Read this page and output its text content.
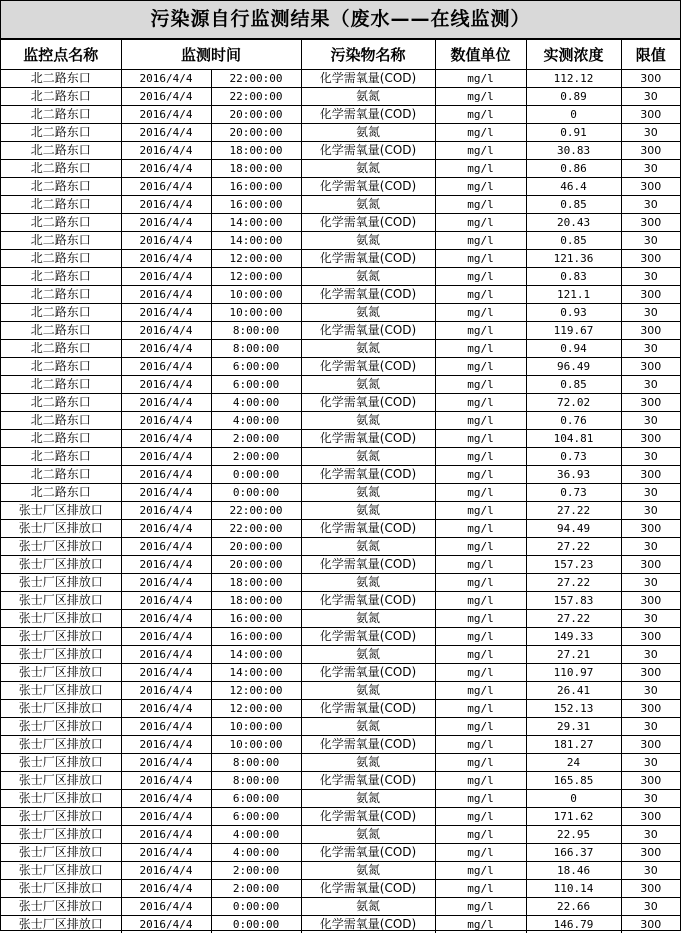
污染源自行监测结果（废水——在线监测）
监控点名称	监测时间		污染物名称	数值单位	实测浓度	限值
北二路东口	2016/4/4	22:00:00	化学需氧量(COD)	mg/l	112.12	300
北二路东口	2016/4/4	22:00:00	氨氮	mg/l	0.89	30
北二路东口	2016/4/4	20:00:00	化学需氧量(COD)	mg/l	0	300
北二路东口	2016/4/4	20:00:00	氨氮	mg/l	0.91	30
北二路东口	2016/4/4	18:00:00	化学需氧量(COD)	mg/l	30.83	300
北二路东口	2016/4/4	18:00:00	氨氮	mg/l	0.86	30
北二路东口	2016/4/4	16:00:00	化学需氧量(COD)	mg/l	46.4	300
北二路东口	2016/4/4	16:00:00	氨氮	mg/l	0.85	30
北二路东口	2016/4/4	14:00:00	化学需氧量(COD)	mg/l	20.43	300
北二路东口	2016/4/4	14:00:00	氨氮	mg/l	0.85	30
北二路东口	2016/4/4	12:00:00	化学需氧量(COD)	mg/l	121.36	300
北二路东口	2016/4/4	12:00:00	氨氮	mg/l	0.83	30
北二路东口	2016/4/4	10:00:00	化学需氧量(COD)	mg/l	121.1	300
北二路东口	2016/4/4	10:00:00	氨氮	mg/l	0.93	30
北二路东口	2016/4/4	8:00:00	化学需氧量(COD)	mg/l	119.67	300
北二路东口	2016/4/4	8:00:00	氨氮	mg/l	0.94	30
北二路东口	2016/4/4	6:00:00	化学需氧量(COD)	mg/l	96.49	300
北二路东口	2016/4/4	6:00:00	氨氮	mg/l	0.85	30
北二路东口	2016/4/4	4:00:00	化学需氧量(COD)	mg/l	72.02	300
北二路东口	2016/4/4	4:00:00	氨氮	mg/l	0.76	30
北二路东口	2016/4/4	2:00:00	化学需氧量(COD)	mg/l	104.81	300
北二路东口	2016/4/4	2:00:00	氨氮	mg/l	0.73	30
北二路东口	2016/4/4	0:00:00	化学需氧量(COD)	mg/l	36.93	300
北二路东口	2016/4/4	0:00:00	氨氮	mg/l	0.73	30
张士厂区排放口	2016/4/4	22:00:00	氨氮	mg/l	27.22	30
张士厂区排放口	2016/4/4	22:00:00	化学需氧量(COD)	mg/l	94.49	300
张士厂区排放口	2016/4/4	20:00:00	氨氮	mg/l	27.22	30
张士厂区排放口	2016/4/4	20:00:00	化学需氧量(COD)	mg/l	157.23	300
张士厂区排放口	2016/4/4	18:00:00	氨氮	mg/l	27.22	30
张士厂区排放口	2016/4/4	18:00:00	化学需氧量(COD)	mg/l	157.83	300
张士厂区排放口	2016/4/4	16:00:00	氨氮	mg/l	27.22	30
张士厂区排放口	2016/4/4	16:00:00	化学需氧量(COD)	mg/l	149.33	300
张士厂区排放口	2016/4/4	14:00:00	氨氮	mg/l	27.21	30
张士厂区排放口	2016/4/4	14:00:00	化学需氧量(COD)	mg/l	110.97	300
张士厂区排放口	2016/4/4	12:00:00	氨氮	mg/l	26.41	30
张士厂区排放口	2016/4/4	12:00:00	化学需氧量(COD)	mg/l	152.13	300
张士厂区排放口	2016/4/4	10:00:00	氨氮	mg/l	29.31	30
张士厂区排放口	2016/4/4	10:00:00	化学需氧量(COD)	mg/l	181.27	300
张士厂区排放口	2016/4/4	8:00:00	氨氮	mg/l	24	30
张士厂区排放口	2016/4/4	8:00:00	化学需氧量(COD)	mg/l	165.85	300
张士厂区排放口	2016/4/4	6:00:00	氨氮	mg/l	0	30
张士厂区排放口	2016/4/4	6:00:00	化学需氧量(COD)	mg/l	171.62	300
张士厂区排放口	2016/4/4	4:00:00	氨氮	mg/l	22.95	30
张士厂区排放口	2016/4/4	4:00:00	化学需氧量(COD)	mg/l	166.37	300
张士厂区排放口	2016/4/4	2:00:00	氨氮	mg/l	18.46	30
张士厂区排放口	2016/4/4	2:00:00	化学需氧量(COD)	mg/l	110.14	300
张士厂区排放口	2016/4/4	0:00:00	氨氮	mg/l	22.66	30
张士厂区排放口	2016/4/4	0:00:00	化学需氧量(COD)	mg/l	146.79	300
